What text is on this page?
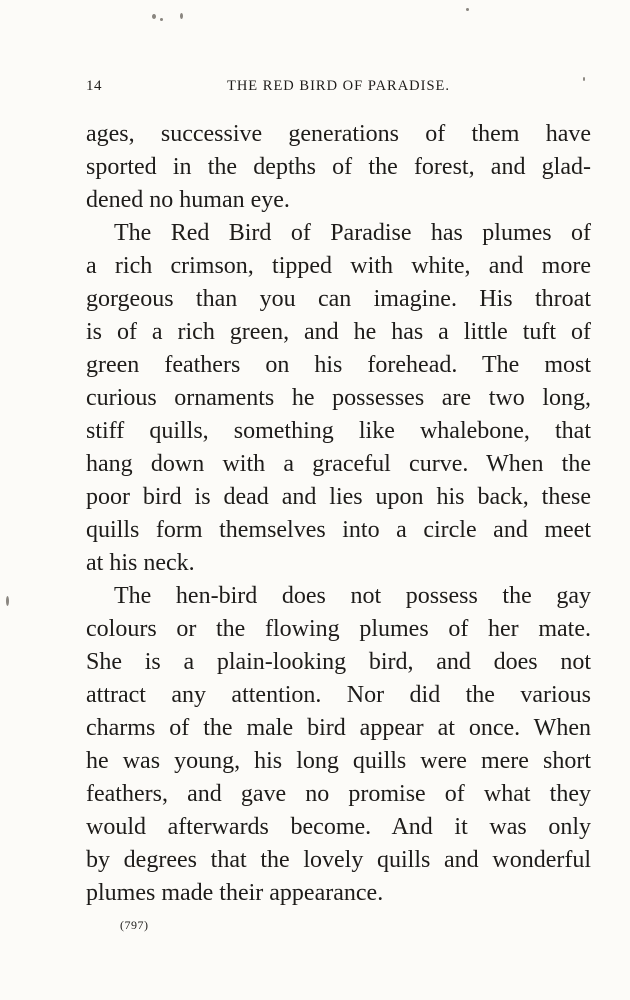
14	THE RED BIRD OF PARADISE.
ages, successive generations of them have
sported in the depths of the forest, and glad-
dened no human eye.
The Red Bird of Paradise has plumes of
a rich crimson, tipped with white, and more
gorgeous than you can imagine. His throat
is of a rich green, and he has a little tuft of
green feathers on his forehead. The most
curious ornaments he possesses are two long,
stiff quills, something like whalebone, that
hang down with a graceful curve. When the
poor bird is dead and lies upon his back, these
quills form themselves into a circle and meet
at his neck.
The hen-bird does not possess the gay
colours or the flowing plumes of her mate.
She is a plain-looking bird, and does not
attract any attention. Nor did the various
charms of the male bird appear at once. When
he was young, his long quills were mere short
feathers, and gave no promise of what they
would afterwards become. And it was only
by degrees that the lovely quills and wonderful
plumes made their appearance.
(797)
